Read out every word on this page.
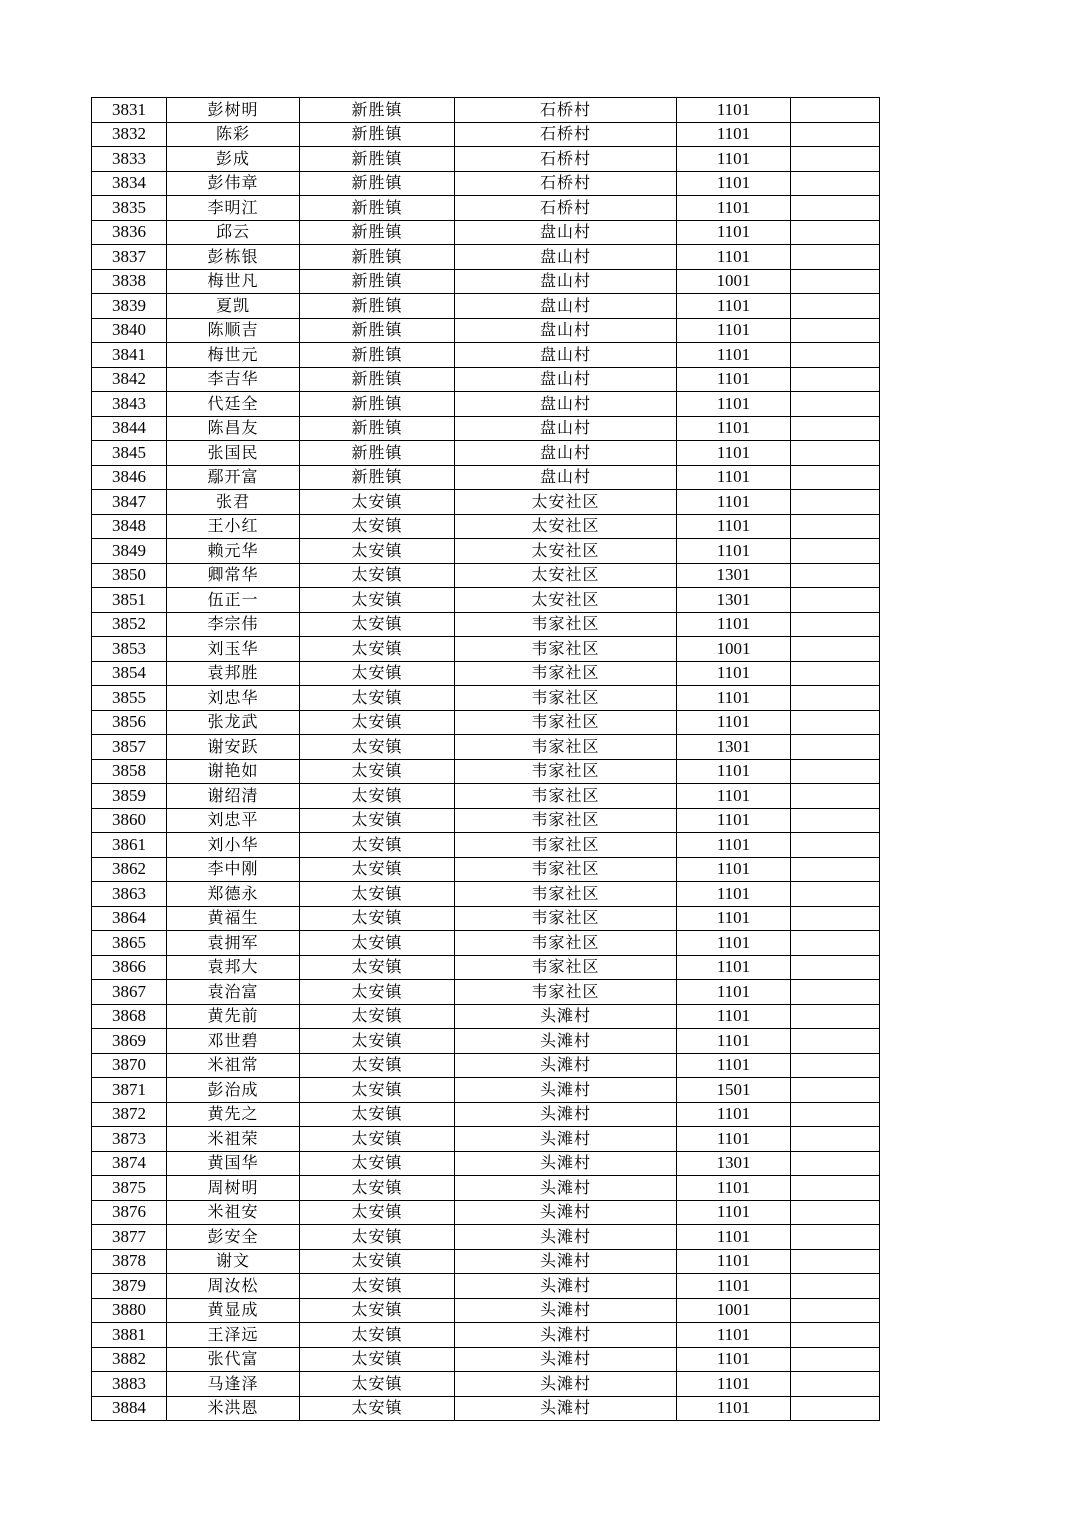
3831	彭树明	新胜镇	石桥村	1101	
3832	陈彩	新胜镇	石桥村	1101	
3833	彭成	新胜镇	石桥村	1101	
3834	彭伟章	新胜镇	石桥村	1101	
3835	李明江	新胜镇	石桥村	1101	
3836	邱云	新胜镇	盘山村	1101	
3837	彭栋银	新胜镇	盘山村	1101	
3838	梅世凡	新胜镇	盘山村	1001	
3839	夏凯	新胜镇	盘山村	1101	
3840	陈顺吉	新胜镇	盘山村	1101	
3841	梅世元	新胜镇	盘山村	1101	
3842	李吉华	新胜镇	盘山村	1101	
3843	代廷全	新胜镇	盘山村	1101	
3844	陈昌友	新胜镇	盘山村	1101	
3845	张国民	新胜镇	盘山村	1101	
3846	鄢开富	新胜镇	盘山村	1101	
3847	张君	太安镇	太安社区	1101	
3848	王小红	太安镇	太安社区	1101	
3849	赖元华	太安镇	太安社区	1101	
3850	卿常华	太安镇	太安社区	1301	
3851	伍正一	太安镇	太安社区	1301	
3852	李宗伟	太安镇	韦家社区	1101	
3853	刘玉华	太安镇	韦家社区	1001	
3854	袁邦胜	太安镇	韦家社区	1101	
3855	刘忠华	太安镇	韦家社区	1101	
3856	张龙武	太安镇	韦家社区	1101	
3857	谢安跃	太安镇	韦家社区	1301	
3858	谢艳如	太安镇	韦家社区	1101	
3859	谢绍清	太安镇	韦家社区	1101	
3860	刘忠平	太安镇	韦家社区	1101	
3861	刘小华	太安镇	韦家社区	1101	
3862	李中刚	太安镇	韦家社区	1101	
3863	郑德永	太安镇	韦家社区	1101	
3864	黄福生	太安镇	韦家社区	1101	
3865	袁拥军	太安镇	韦家社区	1101	
3866	袁邦大	太安镇	韦家社区	1101	
3867	袁治富	太安镇	韦家社区	1101	
3868	黄先前	太安镇	头滩村	1101	
3869	邓世碧	太安镇	头滩村	1101	
3870	米祖常	太安镇	头滩村	1101	
3871	彭治成	太安镇	头滩村	1501	
3872	黄先之	太安镇	头滩村	1101	
3873	米祖荣	太安镇	头滩村	1101	
3874	黄国华	太安镇	头滩村	1301	
3875	周树明	太安镇	头滩村	1101	
3876	米祖安	太安镇	头滩村	1101	
3877	彭安全	太安镇	头滩村	1101	
3878	谢文	太安镇	头滩村	1101	
3879	周汝松	太安镇	头滩村	1101	
3880	黄显成	太安镇	头滩村	1001	
3881	王泽远	太安镇	头滩村	1101	
3882	张代富	太安镇	头滩村	1101	
3883	马逢泽	太安镇	头滩村	1101	
3884	米洪恩	太安镇	头滩村	1101	
